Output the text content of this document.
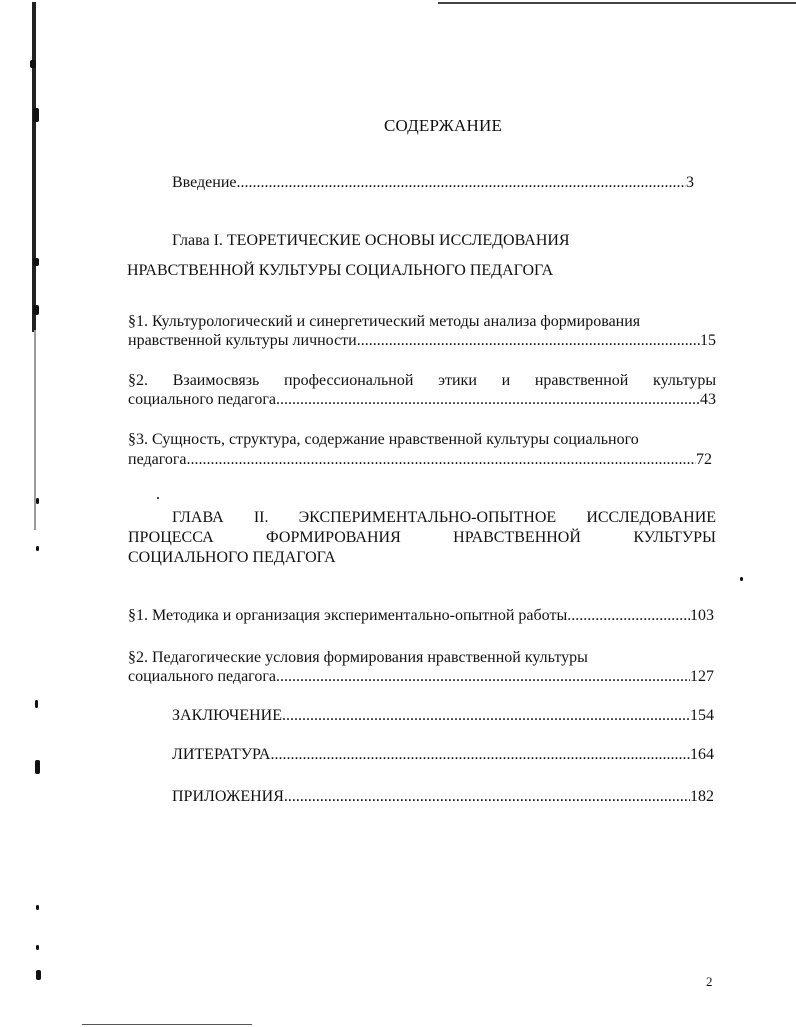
СОДЕРЖАНИЕ
Введение .....	3
Глава I. ТЕОРЕТИЧЕСКИЕ ОСНОВЫ ИССЛЕДОВАНИЯ
НРАВСТВЕННОЙ КУЛЬТУРЫ СОЦИАЛЬНОГО ПЕДАГОГА
§1. Культурологический и синергетический методы анализа формирования
нравственной культуры личности .....	15
§2. Взаимосвязь профессиональной этики и нравственной культуры
социального педагога .....	43
§3. Сущность, структура, содержание нравственной культуры социального
педагога .....	72
ГЛАВА II. ЭКСПЕРИМЕНТАЛЬНО-ОПЫТНОЕ ИССЛЕДОВАНИЕ
ПРОЦЕССА	ФОРМИРОВАНИЯ	НРАВСТВЕННОЙ	КУЛЬТУРЫ
СОЦИАЛЬНОГО ПЕДАГОГА
§1. Методика и организация экспериментально-опытной работы .....	103
§2. Педагогические условия формирования нравственной культуры
социального педагога .....	127
ЗАКЛЮЧЕНИЕ .....	154
ЛИТЕРАТУРА .....	164
ПРИЛОЖЕНИЯ .....	182
2
